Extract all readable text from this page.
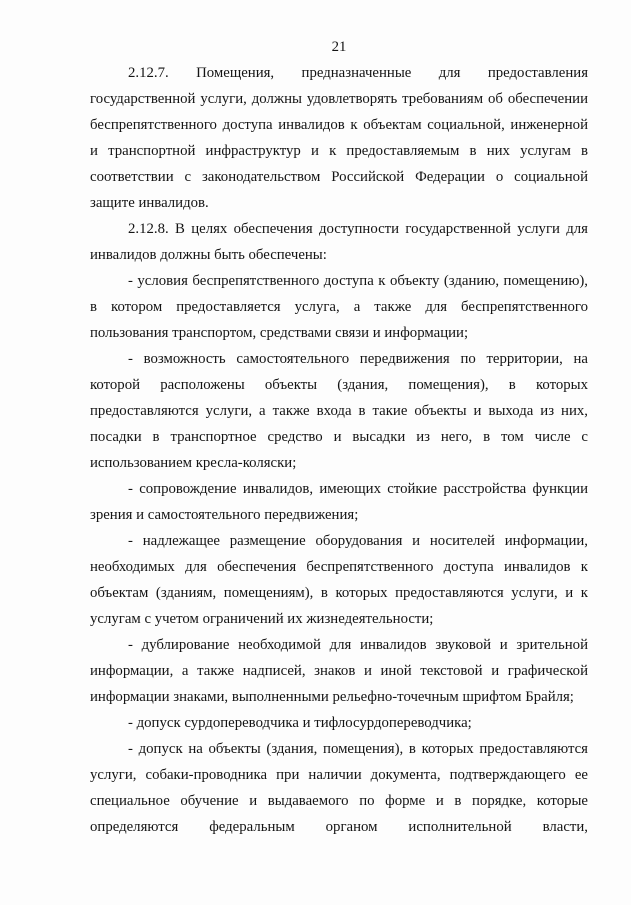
21
2.12.7. Помещения, предназначенные для предоставления
государственной услуги, должны удовлетворять требованиям об обеспечении
беспрепятственного доступа инвалидов к объектам социальной, инженерной
и транспортной инфраструктур и к предоставляемым в них услугам в
соответствии с законодательством Российской Федерации о социальной
защите инвалидов.
2.12.8. В целях обеспечения доступности государственной услуги для
инвалидов должны быть обеспечены:
- условия беспрепятственного доступа к объекту (зданию, помещению),
в котором предоставляется услуга, а также для беспрепятственного
пользования транспортом, средствами связи и информации;
- возможность самостоятельного передвижения по территории, на
которой расположены объекты (здания, помещения), в которых
предоставляются услуги, а также входа в такие объекты и выхода из них,
посадки в транспортное средство и высадки из него, в том числе с
использованием кресла-коляски;
- сопровождение инвалидов, имеющих стойкие расстройства функции
зрения и самостоятельного передвижения;
- надлежащее размещение оборудования и носителей информации,
необходимых для обеспечения беспрепятственного доступа инвалидов к
объектам (зданиям, помещениям), в которых предоставляются услуги, и к
услугам с учетом ограничений их жизнедеятельности;
- дублирование необходимой для инвалидов звуковой и зрительной
информации, а также надписей, знаков и иной текстовой и графической
информации знаками, выполненными рельефно-точечным шрифтом Брайля;
- допуск сурдопереводчика и тифлосурдопереводчика;
- допуск на объекты (здания, помещения), в которых предоставляются
услуги, собаки-проводника при наличии документа, подтверждающего ее
специальное обучение и выдаваемого по форме и в порядке, которые
определяются федеральным органом исполнительной власти,
